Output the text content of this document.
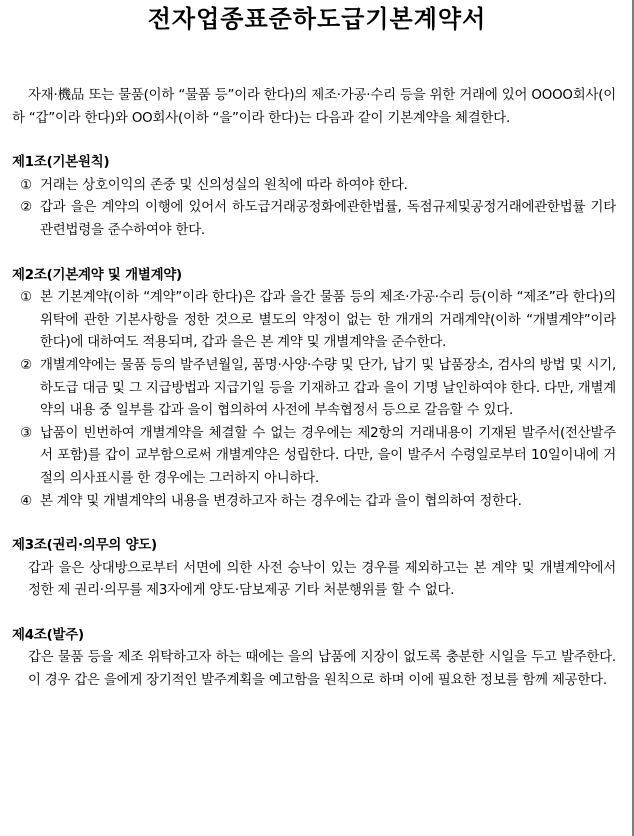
전자업종표준하도급기본계약서

자재·機品 또는 물품(이하 “물품 등”이라 한다)의 제조·가공·수리 등을 위한 거래에 있어 OOOO회사(이하 “갑”이라 한다)와 OO회사(이하 “을”이라 한다)는 다음과 같이 기본계약을 체결한다.

제1조(기본원칙)

① 거래는 상호이익의 존중 및 신의성실의 원칙에 따라 하여야 한다.
② 갑과 을은 계약의 이행에 있어서 하도급거래공정화에관한법률, 독점규제및공정거래에관한법률 기타 관련법령을 준수하여야 한다.

제2조(기본계약 및 개별계약)

① 본 기본계약(이하 “계약”이라 한다)은 갑과 을간 물품 등의 제조·가공·수리 등(이하 “제조”라 한다)의 위탁에 관한 기본사항을 정한 것으로 별도의 약정이 없는 한 개개의 거래계약(이하 “개별계약”이라 한다)에 대하여도 적용되며, 갑과 을은 본 계약 및 개별계약을 준수한다.
② 개별계약에는 물품 등의 발주년월일, 품명·사양·수량 및 단가, 납기 및 납품장소, 검사의 방법 및 시기, 하도급 대금 및 그 지급방법과 지급기일 등을 기재하고 갑과 을이 기명 날인하여야 한다. 다만, 개별계약의 내용 중 일부를 갑과 을이 협의하여 사전에 부속협정서 등으로 갈음할 수 있다.
③ 납품이 빈번하여 개별계약을 체결할 수 없는 경우에는 제2항의 거래내용이 기재된 발주서(전산발주서 포함)를 갑이 교부함으로써 개별계약은 성립한다. 다만, 을이 발주서 수령일로부터 10일이내에 거절의 의사표시를 한 경우에는 그러하지 아니하다.
④ 본 계약 및 개별계약의 내용을 변경하고자 하는 경우에는 갑과 을이 협의하여 정한다.

제3조(권리·의무의 양도)

갑과 을은 상대방으로부터 서면에 의한 사전 승낙이 있는 경우를 제외하고는 본 계약 및 개별계약에서 정한 제 권리·의무를 제3자에게 양도·담보제공 기타 처분행위를 할 수 없다.

제4조(발주)

갑은 물품 등을 제조 위탁하고자 하는 때에는 을의 납품에 지장이 없도록 충분한 시일을 두고 발주한다. 이 경우 갑은 을에게 장기적인 발주계획을 예고함을 원칙으로 하며 이에 필요한 정보를 함께 제공한다.
